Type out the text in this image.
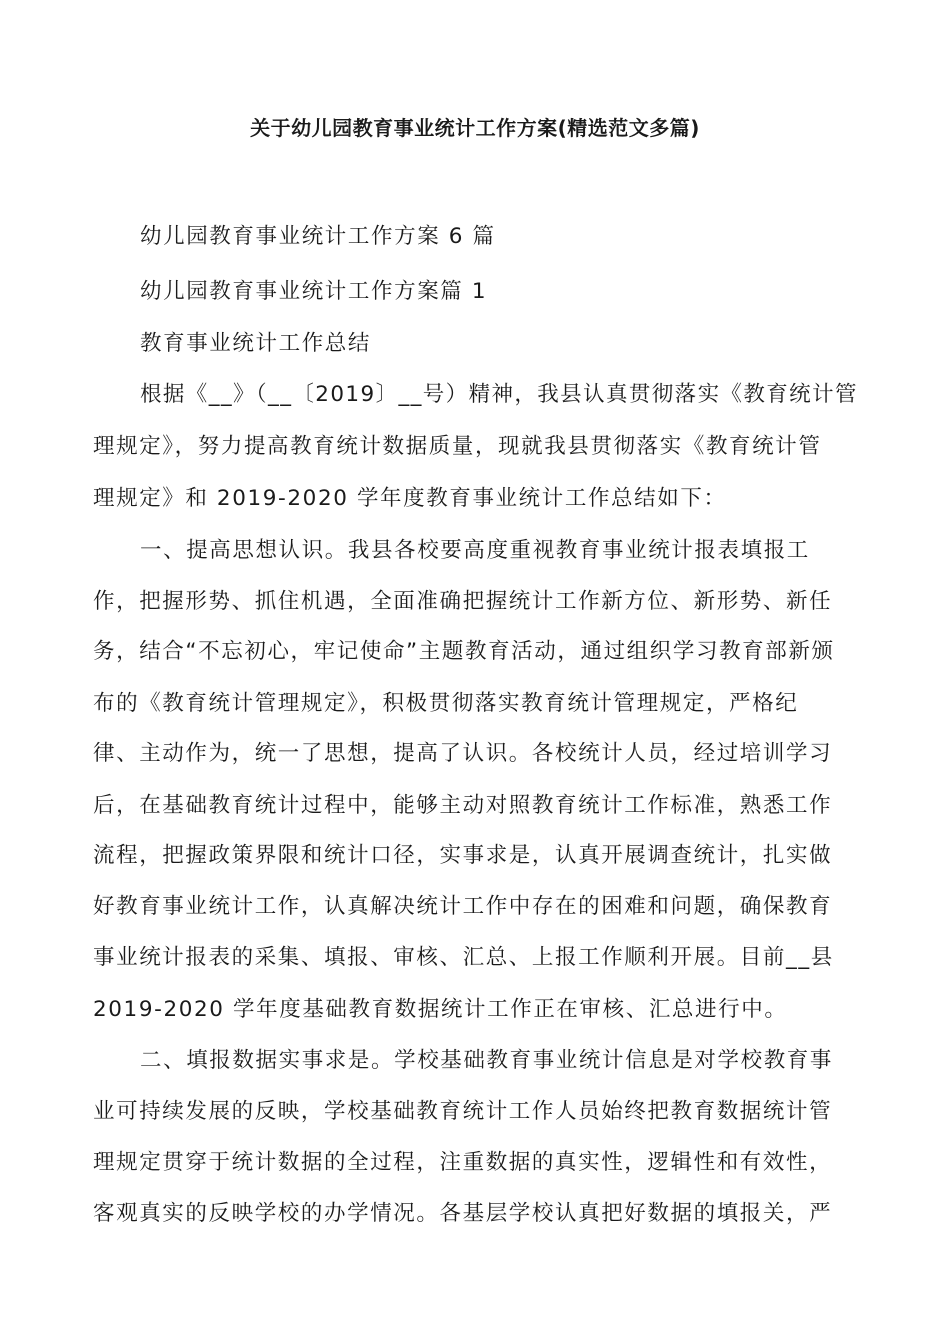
关于幼儿园教育事业统计工作方案(精选范文多篇)
幼儿园教育事业统计工作方案 6 篇
幼儿园教育事业统计工作方案篇 1
教育事业统计工作总结
根据《__》（__〔2019〕__号）精神，我县认真贯彻落实《教育统计管
理规定》，努力提高教育统计数据质量，现就我县贯彻落实《教育统计管
理规定》和 2019-2020 学年度教育事业统计工作总结如下：
一、提高思想认识。我县各校要高度重视教育事业统计报表填报工
作，把握形势、抓住机遇，全面准确把握统计工作新方位、新形势、新任
务，结合“不忘初心，牢记使命”主题教育活动，通过组织学习教育部新颁
布的《教育统计管理规定》，积极贯彻落实教育统计管理规定，严格纪
律、主动作为，统一了思想，提高了认识。各校统计人员，经过培训学习
后，在基础教育统计过程中，能够主动对照教育统计工作标准，熟悉工作
流程，把握政策界限和统计口径，实事求是，认真开展调查统计，扎实做
好教育事业统计工作，认真解决统计工作中存在的困难和问题，确保教育
事业统计报表的采集、填报、审核、汇总、上报工作顺利开展。目前__县
2019-2020 学年度基础教育数据统计工作正在审核、汇总进行中。
二、填报数据实事求是。学校基础教育事业统计信息是对学校教育事
业可持续发展的反映，学校基础教育统计工作人员始终把教育数据统计管
理规定贯穿于统计数据的全过程，注重数据的真实性，逻辑性和有效性，
客观真实的反映学校的办学情况。各基层学校认真把好数据的填报关，严
